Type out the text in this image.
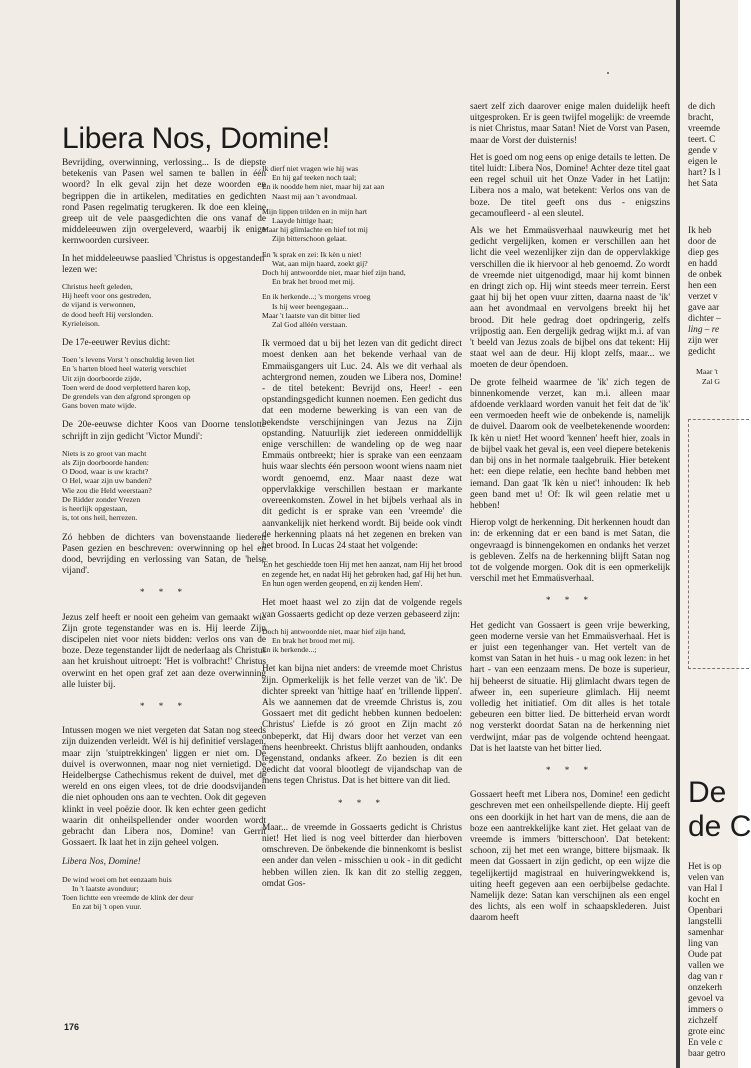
Libera Nos, Domine!

Bevrijding, overwinning, verlossing... Is de diepste betekenis van Pasen wel samen te ballen in één woord? In elk geval zijn het deze woorden en begrippen die in artikelen, meditaties en gedichten rond Pasen regelmatig terugkeren. Ik doe een kleine greep uit de vele paasgedichten die ons vanaf de middeleeuwen zijn overgeleverd, waarbij ik enige kernwoorden cursiveer.

In het middeleeuwse paaslied 'Christus is opgestanden' lezen we:

Christus heeft geleden,
Hij heeft voor ons gestreden,
de vijand is verwonnen,
de dood heeft Hij verslonden.
Kyrieleison.

De 17e-eeuwer Revius dicht:

Toen 's levens Vorst 't onschuldig leven liet
En 's harten bloed heel waterig verschiet
Uit zijn doorboorde zijde,
Toen werd de dood verpletterd haren kop,
De grendels van den afgrond sprongen op
Gans boven mate wijde.

De 20e-eeuwse dichter Koos van Doorne tenslotte schrijft in zijn gedicht 'Victor Mundi':

Niets is zo groot van macht
als Zijn doorboorde handen:
O Dood, waar is uw kracht?
O Hel, waar zijn uw banden?
Wie zou die Held weerstaan?
De Ridder zonder Vrezen
is heerlijk opgestaan,
is, tot ons heil, herrezen.

Zó hebben de dichters van bovenstaande liederen Pasen gezien en beschreven: overwinning op hel en dood, bevrijding en verlossing van Satan, de 'helse vijand'.

* * *

Jezus zelf heeft er nooit een geheim van gemaakt wie Zijn grote tegenstander was en is. Hij leerde Zijn discipelen niet voor niets bidden: verlos ons van de boze. Deze tegenstander lijdt de nederlaag als Christus aan het kruishout uitroept: 'Het is volbracht!' Christus overwint en het open graf zet aan deze overwinning alle luister bij.

* * *

Intussen mogen we niet vergeten dat Satan nog steeds zijn duizenden verleidt. Wél is hij definitief verslagen, maar zijn 'stuiptrekkingen' liggen er niet om. De duivel is overwonnen, maar nog niet vernietigd. De Heidelbergse Cathechismus rekent de duivel, met de wereld en ons eigen vlees, tot de drie doodsvijanden die niet ophouden ons aan te vechten. Ook dit gegeven klinkt in veel poëzie door. Ik ken echter geen gedicht waarin dit onheilspellender onder woorden wordt gebracht dan Libera nos, Domine! van Gerrit Gossaert. Ik laat het in zijn geheel volgen.

Libera Nos, Domine!

De wind woei om het eenzaam huis
In 't laatste avonduur;
Toen lichtte een vreemde de klink der deur
En zat bij 't open vuur.
Ik dierf niet vragen wie hij was
En hij gaf teeken noch taal;
En ik nooddе hem niet, maar hij zat aan
Naast mij aan 't avondmaal.
Mijn lippen trilden en in mijn hart
Laayde hittige haat;
Maar hij glimlachte en hief tot mij
Zijn bitterschoon gelaat.
En 'k sprak en zei: Ik kèn u niet!
Wat, aan mijn haard, zoekt gij?
Doch hij antwoordde niet, maar hief zijn hand,
En brak het brood met mij.
En ik herkende...; 's morgens vroeg
Is hij weer heengegaan...
Maar 't laatste van dit bitter lied
Zal God alléén verstaan.

Ik vermoed dat u bij het lezen van dit gedicht direct moest denken aan het bekende verhaal van de Emmaüsgangers uit Luc. 24. Als we dit verhaal als achtergrond nemen, zouden we Libera nos, Domine! - de titel betekent: Bevrijd ons, Heer! - een opstandingsgedicht kunnen noemen. Een gedicht dus dat een moderne bewerking is van een van de bekendste verschijningen van Jezus na Zijn opstanding. Natuurlijk ziet iedereen onmiddellijk enige verschillen: de wandeling op de weg naar Emmaüs ontbreekt; hier is sprake van een eenzaam huis waar slechts één persoon woont wiens naam niet wordt genoemd, enz. Maar naast deze wat oppervlakkige verschillen bestaan er markante overeenkomsten. Zowel in het bijbels verhaal als in dit gedicht is er sprake van een 'vreemde' die aanvankelijk niet herkend wordt. Bij beide ook vindt de herkenning plaats ná het zegenen en breken van het brood. In Lucas 24 staat het volgende:

'En het geschiedde toen Hij met hen aanzat, nam Hij het brood en zegende het, en nadat Hij het gebroken had, gaf Hij het hun. En hun ogen werden geopend, en zij kenden Hem'.

Het moet haast wel zo zijn dat de volgende regels van Gossaerts gedicht op deze verzen gebaseerd zijn:

Doch hij antwoordde niet, maar hief zijn hand,
En brak het brood met mij.
En ik herkende...;

Het kan bijna niet anders: de vreemde moet Christus zijn. Opmerkelijk is het felle verzet van de 'ik'. De dichter spreekt van 'hittige haat' en 'trillende lippen'. Als we aannemen dat de vreemde Christus is, zou Gossaert met dit gedicht hebben kunnen bedoelen: Christus' Liefde is zó groot en Zijn macht zó onbeperkt, dat Hij dwars door het verzet van een mens heenbreekt. Christus blijft aanhouden, ondanks tegenstand, ondanks afkeer. Zo bezien is dit een gedicht dat vooral blootlegt de vijandschap van de mens tegen Christus. Dat is het bittere van dit lied.

* * *

Maar... de vreemde in Gossaerts gedicht is Christus niet! Het lied is nog veel bitterder dan hierboven omschreven. De önbekende die binnenkomt is beslist een ander dan velen - misschien u ook - in dit gedicht hebben willen zien. Ik kan dit zo stellig zeggen, omdat Gos-

saert zelf zich daarover enige malen duidelijk heeft uitgesproken. Er is geen twijfel mogelijk: de vreemde is niet Christus, maar Satan! Niet de Vorst van Pasen, maar de Vorst der duisternis!

Het is goed om nog eens op enige details te letten. De titel luidt: Libera Nos, Domine! Achter deze titel gaat een regel schuil uit het Onze Vader in het Latijn: Libera nos a malo, wat betekent: Verlos ons van de boze. De titel geeft ons dus - enigszins gecamoufleerd - al een sleutel.

Als we het Emmaüsverhaal nauwkeurig met het gedicht vergelijken, komen er verschillen aan het licht die veel wezenlijker zijn dan de oppervlakkige verschillen die ik hiervoor al heb genoemd. Zo wordt de vreemde niet uitgenodigd, maar hij komt binnen en dringt zich op. Hij wint steeds meer terrein. Eerst gaat hij bij het open vuur zitten, daarna naast de 'ik' aan het avondmaal en vervolgens breekt hij het brood. Dit hele gedrag doet opdringerig, zelfs vrijpostig aan. Een dergelijk gedrag wijkt m.i. af van 't beeld van Jezus zoals de bijbel ons dat tekent: Hij staat wel aan de deur. Hij klopt zelfs, maar... we moeten de deur öpendoen.

De grote felheid waarmee de 'ik' zich tegen de binnenkomende verzet, kan m.i. alleen maar afdoende verklaard worden vanuit het feit dat de 'ik' een vermoeden heeft wie de onbekende is, namelijk de duivel. Daarom ook de veelbetekenende woorden: Ik kèn u niet! Het woord 'kennen' heeft hier, zoals in de bijbel vaak het geval is, een veel diepere betekenis dan bij ons in het normale taalgebruik. Hier betekent het: een diepe relatie, een hechte band hebben met iemand. Dan gaat 'Ik kèn u niet'! inhouden: Ik heb geen band met u! Of: Ik wil geen relatie met u hebben!

Hierop volgt de herkenning. Dit herkennen houdt dan in: de erkenning dat er een band is met Satan, die ongevraagd is binnengekomen en ondanks het verzet is gebleven. Zelfs na de herkenning blijft Satan nog tot de volgende morgen. Ook dit is een opmerkelijk verschil met het Emmaüsverhaal.

* * *

Het gedicht van Gossaert is geen vrije bewerking, geen moderne versie van het Emmaüsverhaal. Het is er juist een tegenhanger van. Het vertelt van de komst van Satan in het huis - u mag ook lezen: in het hart - van een eenzaam mens. De boze is superieur, hij beheerst de situatie. Hij glimlacht dwars tegen de afweer in, een superieure glimlach. Hij neemt volledig het initiatief. Om dit alles is het totale gebeuren een bitter lied. De bitterheid ervan wordt nog versterkt doordat Satan na de herkenning niet verdwijnt, máar pas de volgende ochtend heengaat. Dat is het laatste van het bitter lied.

* * *

Gossaert heeft met Libera nos, Domine! een gedicht geschreven met een onheilspellende diepte. Hij geeft ons een doorkijk in het hart van de mens, die aan de boze een aantrekkelijke kant ziet. Het gelaat van de vreemde is immers 'bitterschoon'. Dat betekent: schoon, zij het met een wrange, bittere bijsmaak. Ik meen dat Gossaert in zijn gedicht, op een wijze die tegelijkertijd magistraal en huiveringwekkend is, uiting heeft gegeven aan een oerbijbelse gedachte. Namelijk deze: Satan kan verschijnen als een engel des lichts, als een wolf in schaapsklederen. Juist daarom heeft

176
de dich
bracht,
vreemde
teert. C
gende v
eigen le
hart? Is l
het Sata
Ik heb
door de
diep ges
en hadd
de onbek
hen een
verzet v
gave aar
dichter –
ling – re
zijn wer
gedicht
Maar 't
Zal G
De
de C
Het is op
velen van
van Hal I
kocht en
Openbari
langstelli
samenhar
ling van
Oude pat
vallen we
dag van r
onzekerh
gevoel va
immers o
zichzelf
grote einc
En vele c
baar getro
